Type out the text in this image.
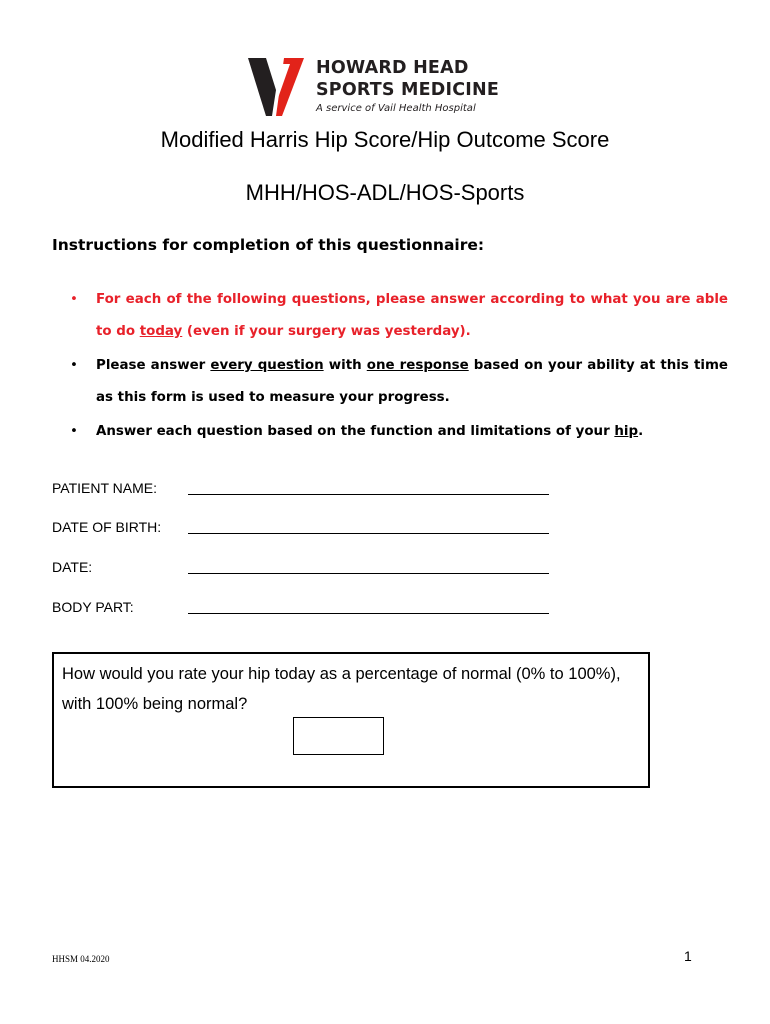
HOWARD HEAD
SPORTS MEDICINE
A service of Vail Health Hospital
Modified Harris Hip Score/Hip Outcome Score
MHH/HOS-ADL/HOS-Sports
Instructions for completion of this questionnaire:
• For each of the following questions, please answer according to what you are able to do today (even if your surgery was yesterday).
• Please answer every question with one response based on your ability at this time as this form is used to measure your progress.
• Answer each question based on the function and limitations of your hip.
PATIENT NAME:
DATE OF BIRTH:
DATE:
BODY PART:
How would you rate your hip today as a percentage of normal (0% to 100%), with 100% being normal?
HHSM 04.2020	1
